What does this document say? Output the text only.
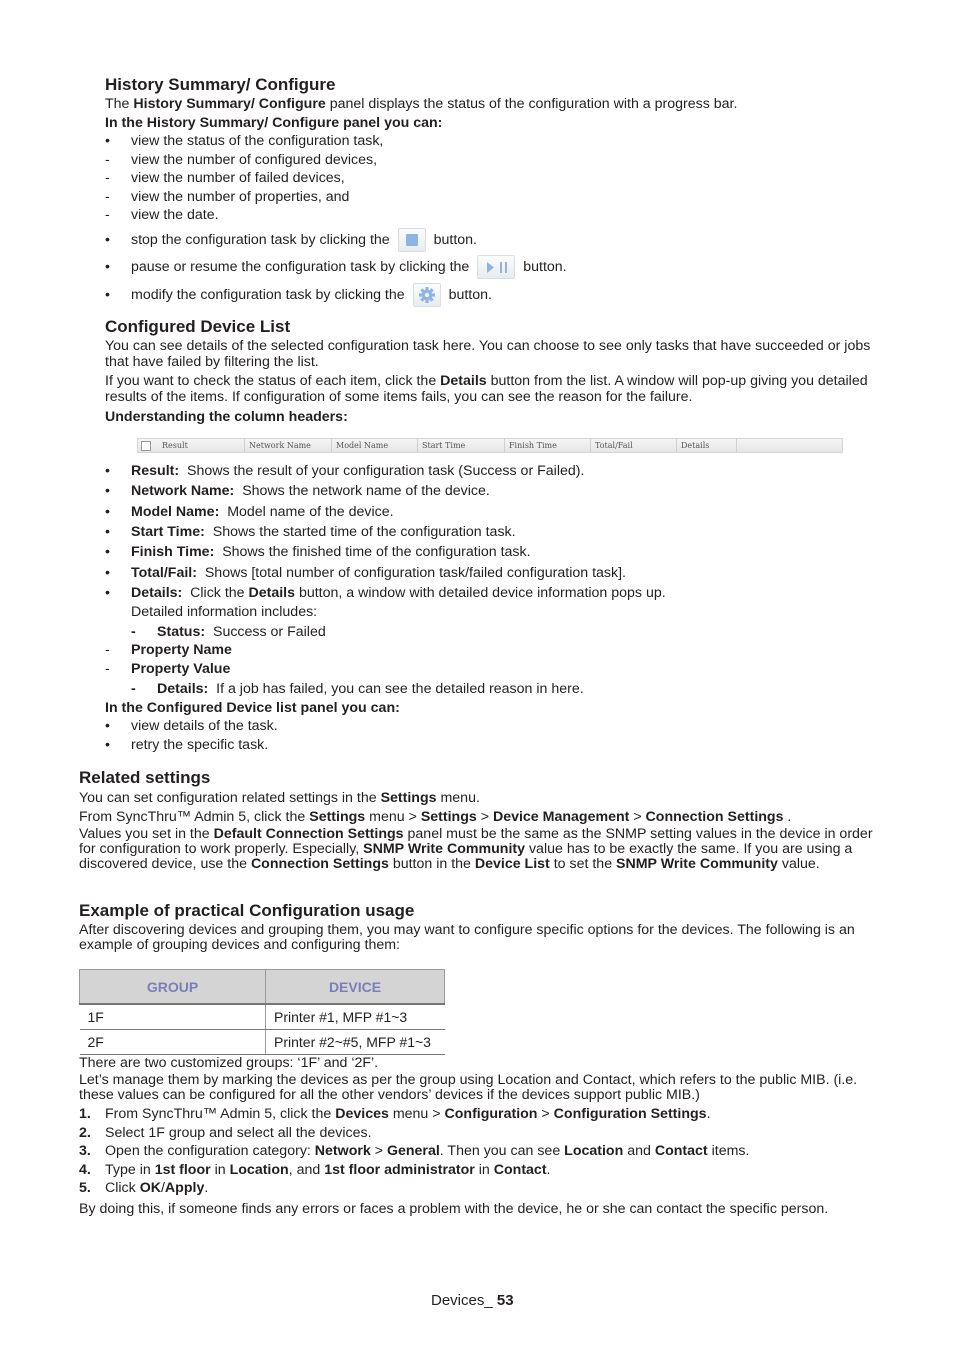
History Summary/ Configure
The History Summary/ Configure panel displays the status of the configuration with a progress bar.
In the History Summary/ Configure panel you can:
• view the status of the configuration task,
- view the number of configured devices,
- view the number of failed devices,
- view the number of properties, and
- view the date.
• stop the configuration task by clicking the	button.
• pause or resume the configuration task by clicking the	button.
• modify the configuration task by clicking the	button.
Configured Device List
You can see details of the selected configuration task here. You can choose to see only tasks that have succeeded or jobs that have failed by filtering the list.
If you want to check the status of each item, click the Details button from the list. A window will pop-up giving you detailed results of the items. If configuration of some items fails, you can see the reason for the failure.
Understanding the column headers:
Result	Network Name	Model Name	Start Time	Finish Time	Total/Fail	Details
• Result: Shows the result of your configuration task (Success or Failed).
• Network Name: Shows the network name of the device.
• Model Name: Model name of the device.
• Start Time: Shows the started time of the configuration task.
• Finish Time: Shows the finished time of the configuration task.
• Total/Fail: Shows [total number of configuration task/failed configuration task].
• Details: Click the Details button, a window with detailed device information pops up.
Detailed information includes:
- Status: Success or Failed
- Property Name
- Property Value
- Details: If a job has failed, you can see the detailed reason in here.
In the Configured Device list panel you can:
• view details of the task.
• retry the specific task.
Related settings
You can set configuration related settings in the Settings menu.
From SyncThru™ Admin 5, click the Settings menu > Settings > Device Management > Connection Settings .
Values you set in the Default Connection Settings panel must be the same as the SNMP setting values in the device in order for configuration to work properly. Especially, SNMP Write Community value has to be exactly the same. If you are using a discovered device, use the Connection Settings button in the Device List to set the SNMP Write Community value.
Example of practical Configuration usage
After discovering devices and grouping them, you may want to configure specific options for the devices. The following is an example of grouping devices and configuring them:
GROUP	DEVICE
1F	Printer #1, MFP #1~3
2F	Printer #2~#5, MFP #1~3
There are two customized groups: ‘1F’ and ‘2F’.
Let’s manage them by marking the devices as per the group using Location and Contact, which refers to the public MIB. (i.e. these values can be configured for all the other vendors’ devices if the devices support public MIB.)
1. From SyncThru™ Admin 5, click the Devices menu > Configuration > Configuration Settings.
2. Select 1F group and select all the devices.
3. Open the configuration category: Network > General. Then you can see Location and Contact items.
4. Type in 1st floor in Location, and 1st floor administrator in Contact.
5. Click OK/Apply.
By doing this, if someone finds any errors or faces a problem with the device, he or she can contact the specific person.
Devices_ 53
